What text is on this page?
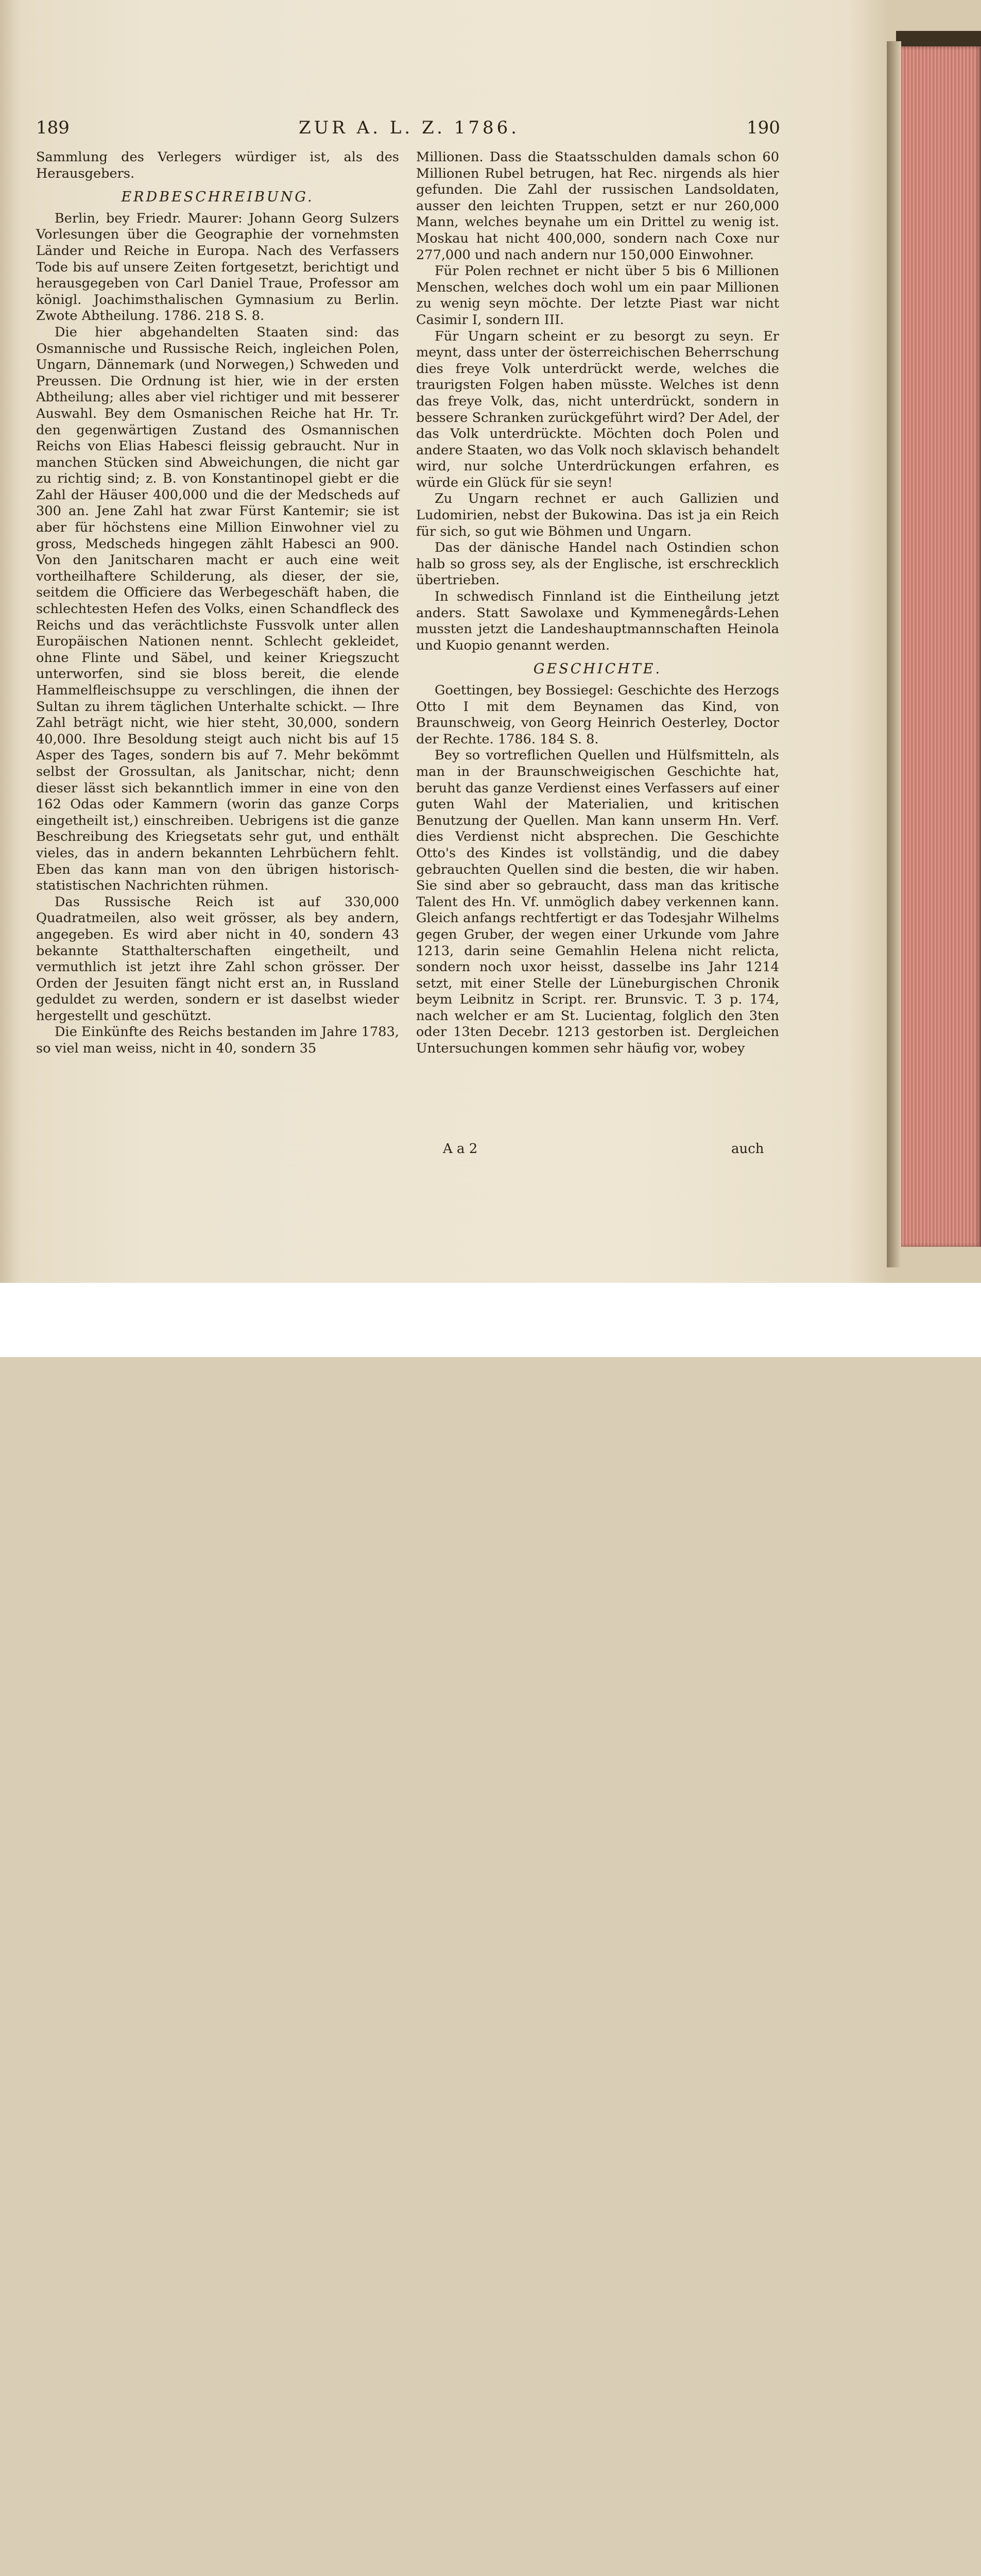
189	ZUR A. L. Z. 1786.	190

Sammlung des Verlegers würdiger ist, als des Herausgebers.

ERDBESCHREIBUNG.

Berlin, bey Friedr. Maurer: Johann Georg Sulzers Vorlesungen über die Geographie der vornehmsten Länder und Reiche in Europa. Nach des Verfassers Tode bis auf unsere Zeiten fortgesetzt, berichtigt und herausgegeben von Carl Daniel Traue, Professor am königl. Joachimsthalischen Gymnasium zu Berlin. Zwote Abtheilung. 1786. 218 S. 8.

Die hier abgehandelten Staaten sind: das Osmannische und Russische Reich, ingleichen Polen, Ungarn, Dännemark (und Norwegen,) Schweden und Preussen. Die Ordnung ist hier, wie in der ersten Abtheilung; alles aber viel richtiger und mit besserer Auswahl. Bey dem Osmanischen Reiche hat Hr. Tr. den gegenwärtigen Zustand des Osmannischen Reichs von Elias Habesci fleissig gebraucht. Nur in manchen Stücken sind Abweichungen, die nicht gar zu richtig sind; z. B. von Konstantinopel giebt er die Zahl der Häuser 400,000 und die der Medscheds auf 300 an. Jene Zahl hat zwar Fürst Kantemir; sie ist aber für höchstens eine Million Einwohner viel zu gross, Medscheds hingegen zählt Habesci an 900. Von den Janitscharen macht er auch eine weit vortheilhaftere Schilderung, als dieser, der sie, seitdem die Officiere das Werbegeschäft haben, die schlechtesten Hefen des Volks, einen Schandfleck des Reichs und das verächtlichste Fussvolk unter allen Europäischen Nationen nennt. Schlecht gekleidet, ohne Flinte und Säbel, und keiner Kriegszucht unterworfen, sind sie bloss bereit, die elende Hammelfleischsuppe zu verschlingen, die ihnen der Sultan zu ihrem täglichen Unterhalte schickt. — Ihre Zahl beträgt nicht, wie hier steht, 30,000, sondern 40,000. Ihre Besoldung steigt auch nicht bis auf 15 Asper des Tages, sondern bis auf 7. Mehr bekömmt selbst der Grossultan, als Janitschar, nicht; denn dieser lässt sich bekanntlich immer in eine von den 162 Odas oder Kammern (worin das ganze Corps eingetheilt ist,) einschreiben. Uebrigens ist die ganze Beschreibung des Kriegsetats sehr gut, und enthält vieles, das in andern bekannten Lehrbüchern fehlt. Eben das kann man von den übrigen historisch-statistischen Nachrichten rühmen.

Das Russische Reich ist auf 330,000 Quadratmeilen, also weit grösser, als bey andern, angegeben. Es wird aber nicht in 40, sondern 43 bekannte Statthalterschaften eingetheilt, und vermuthlich ist jetzt ihre Zahl schon grösser. Der Orden der Jesuiten fängt nicht erst an, in Russland geduldet zu werden, sondern er ist daselbst wieder hergestellt und geschützt.

Die Einkünfte des Reichs bestanden im Jahre 1783, so viel man weiss, nicht in 40, sondern 35

Millionen. Dass die Staatsschulden damals schon 60 Millionen Rubel betrugen, hat Rec. nirgends als hier gefunden. Die Zahl der russischen Landsoldaten, ausser den leichten Truppen, setzt er nur 260,000 Mann, welches beynahe um ein Drittel zu wenig ist. Moskau hat nicht 400,000, sondern nach Coxe nur 277,000 und nach andern nur 150,000 Einwohner.

Für Polen rechnet er nicht über 5 bis 6 Millionen Menschen, welches doch wohl um ein paar Millionen zu wenig seyn möchte. Der letzte Piast war nicht Casimir I, sondern III.

Für Ungarn scheint er zu besorgt zu seyn. Er meynt, dass unter der österreichischen Beherrschung dies freye Volk unterdrückt werde, welches die traurigsten Folgen haben müsste. Welches ist denn das freye Volk, das, nicht unterdrückt, sondern in bessere Schranken zurückgeführt wird? Der Adel, der das Volk unterdrückte. Möchten doch Polen und andere Staaten, wo das Volk noch sklavisch behandelt wird, nur solche Unterdrückungen erfahren, es würde ein Glück für sie seyn!

Zu Ungarn rechnet er auch Gallizien und Ludomirien, nebst der Bukowina. Das ist ja ein Reich für sich, so gut wie Böhmen und Ungarn.

Das der dänische Handel nach Ostindien schon halb so gross sey, als der Englische, ist erschrecklich übertrieben.

In schwedisch Finnland ist die Eintheilung jetzt anders. Statt Sawolaxe und Kymmenegårds-Lehen mussten jetzt die Landeshauptmannschaften Heinola und Kuopio genannt werden.

GESCHICHTE.

Goettingen, bey Bossiegel: Geschichte des Herzogs Otto I mit dem Beynamen das Kind, von Braunschweig, von Georg Heinrich Oesterley, Doctor der Rechte. 1786. 184 S. 8.

Bey so vortreflichen Quellen und Hülfsmitteln, als man in der Braunschweigischen Geschichte hat, beruht das ganze Verdienst eines Verfassers auf einer guten Wahl der Materialien, und kritischen Benutzung der Quellen. Man kann unserm Hn. Verf. dies Verdienst nicht absprechen. Die Geschichte Otto's des Kindes ist vollständig, und die dabey gebrauchten Quellen sind die besten, die wir haben. Sie sind aber so gebraucht, dass man das kritische Talent des Hn. Vf. unmöglich dabey verkennen kann. Gleich anfangs rechtfertigt er das Todesjahr Wilhelms gegen Gruber, der wegen einer Urkunde vom Jahre 1213, darin seine Gemahlin Helena nicht relicta, sondern noch uxor heisst, dasselbe ins Jahr 1214 setzt, mit einer Stelle der Lüneburgischen Chronik beym Leibnitz in Script. rer. Brunsvic. T. 3 p. 174, nach welcher er am St. Lucientag, folglich den 3ten oder 13ten Decebr. 1213 gestorben ist. Dergleichen Untersuchungen kommen sehr häufig vor, wobey

A a 2	auch
